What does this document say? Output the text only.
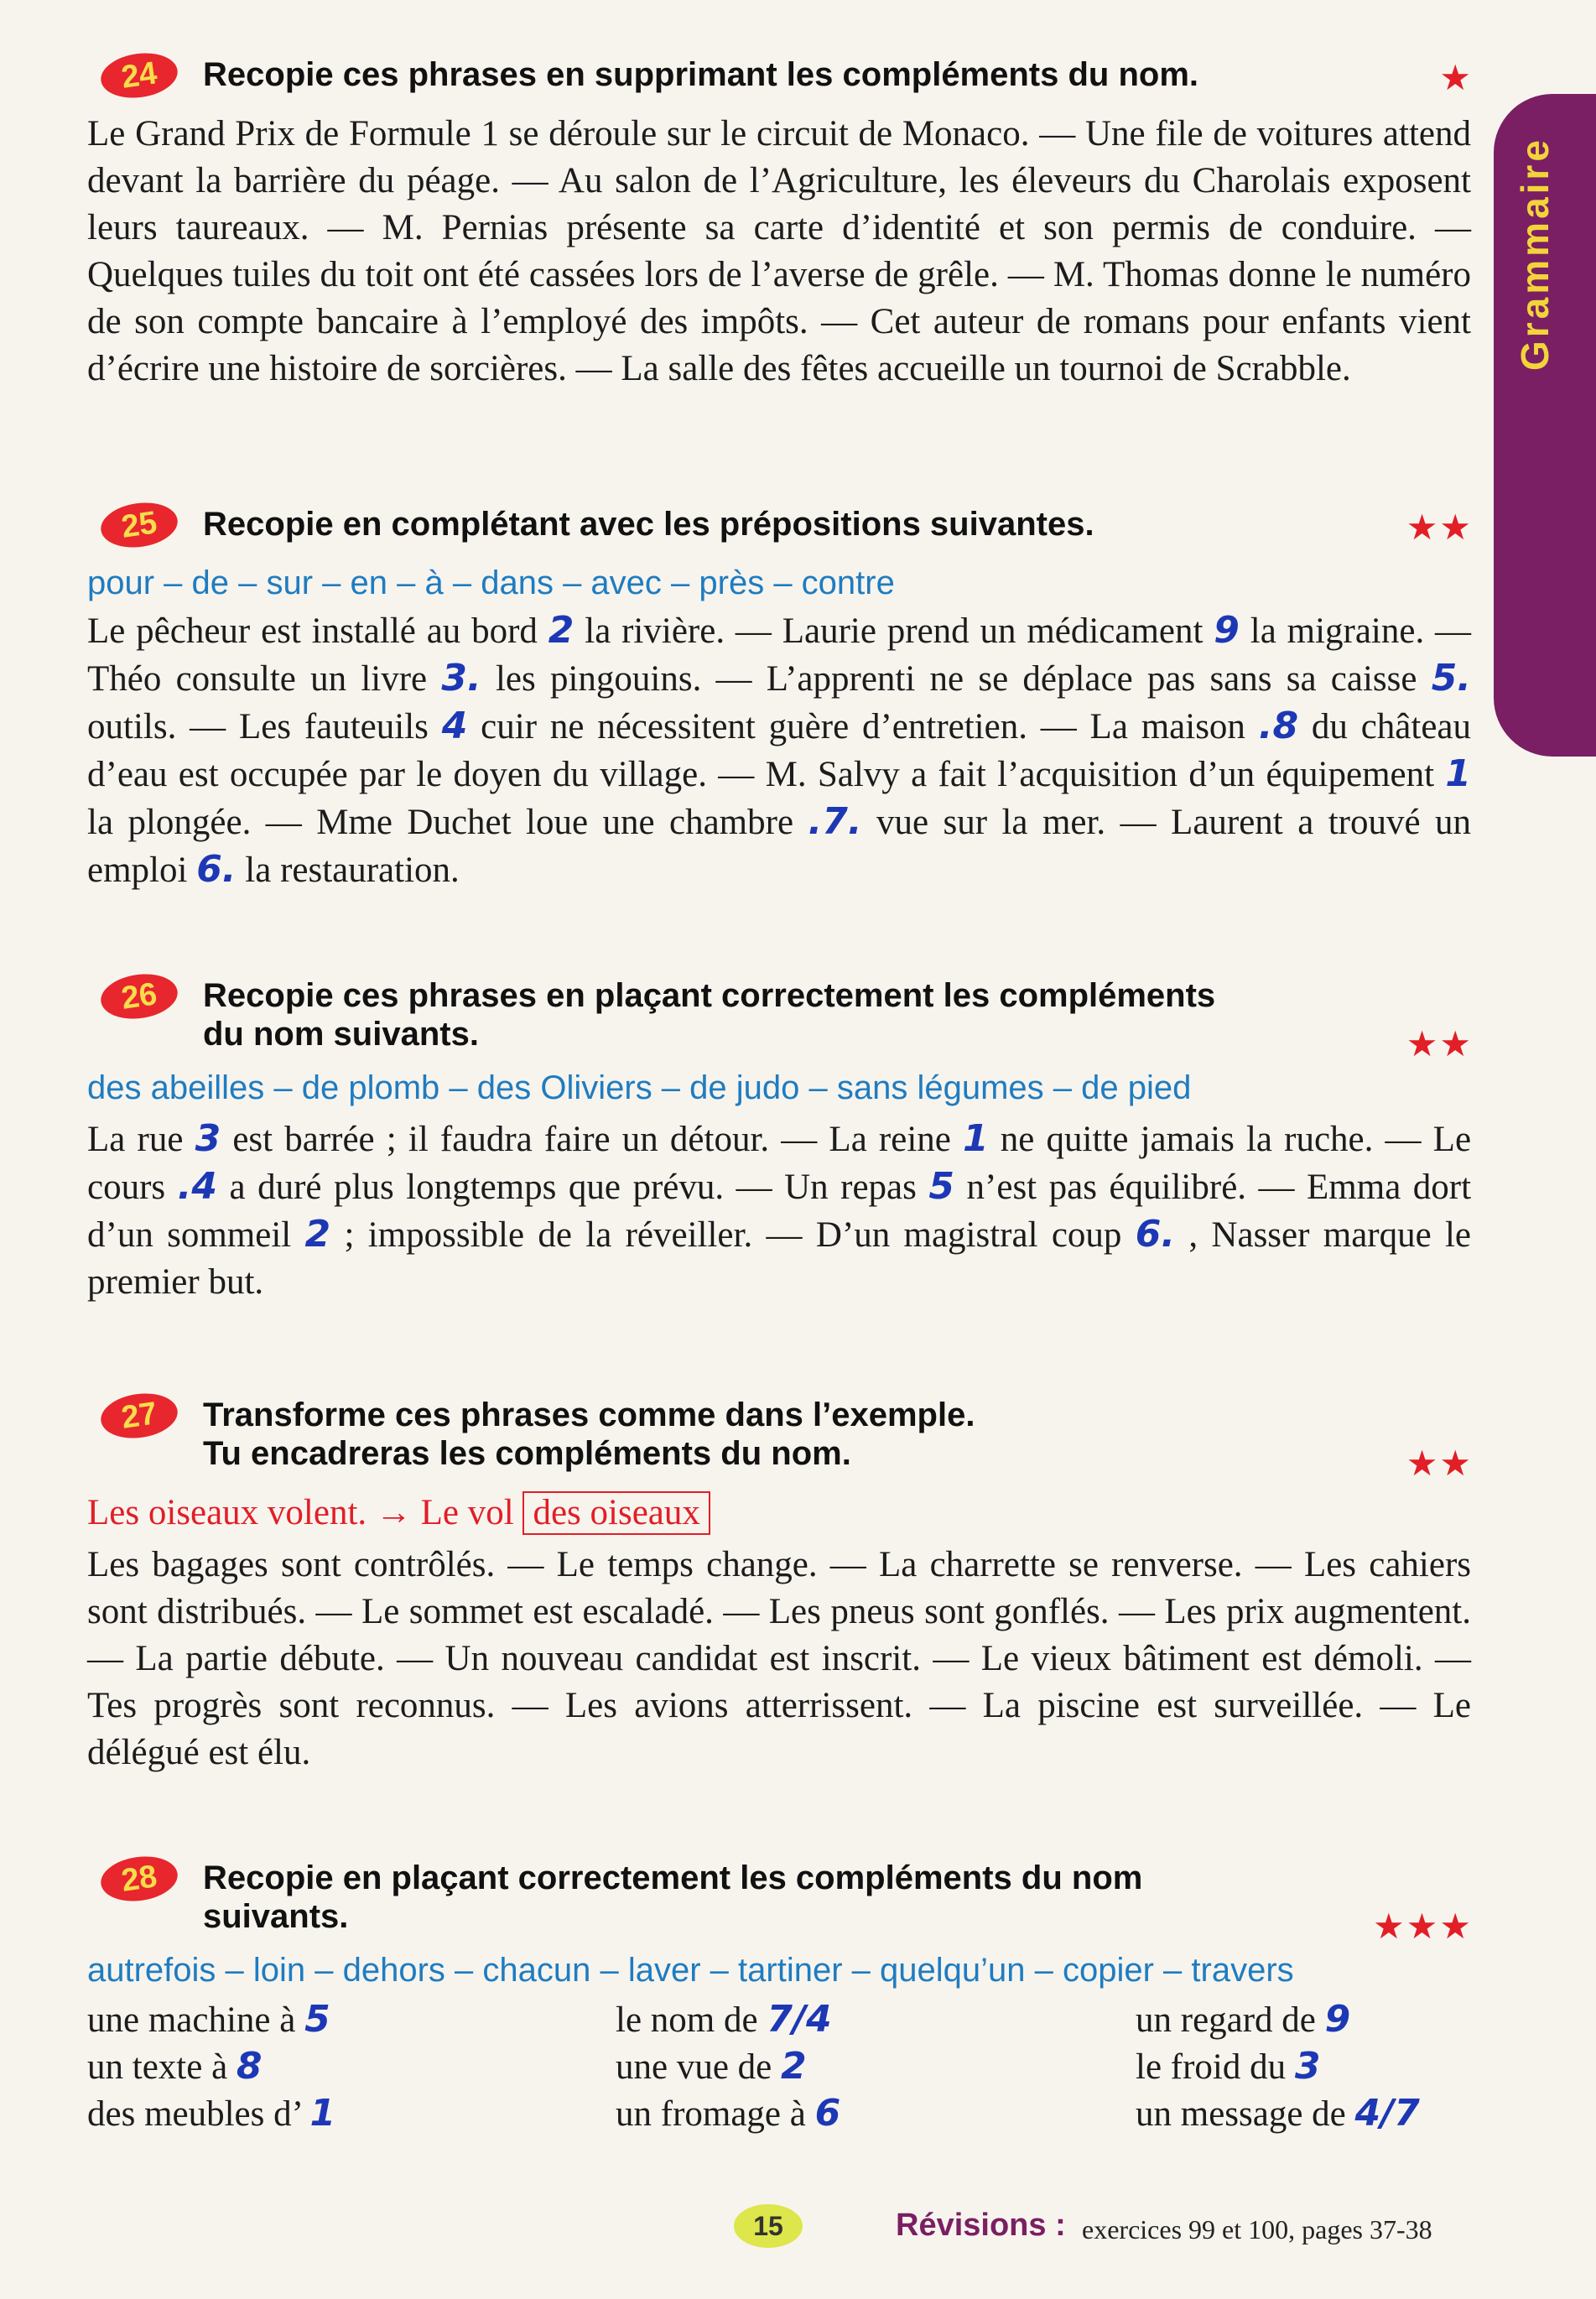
Grammaire
24	Recopie ces phrases en supprimant les compléments du nom.	★
Le Grand Prix de Formule 1 se déroule sur le circuit de Monaco. — Une file de voitures attend devant la barrière du péage. — Au salon de l’Agriculture, les éleveurs du Charolais exposent leurs taureaux. — M. Pernias présente sa carte d’identité et son permis de conduire. — Quelques tuiles du toit ont été cassées lors de l’averse de grêle. — M. Thomas donne le numéro de son compte bancaire à l’employé des impôts. — Cet auteur de romans pour enfants vient d’écrire une histoire de sorcières. — La salle des fêtes accueille un tournoi de Scrabble.
25	Recopie en complétant avec les prépositions suivantes.	★★
pour – de – sur – en – à – dans – avec – près – contre
Le pêcheur est installé au bord 2 la rivière. — Laurie prend un médicament 9 la migraine. — Théo consulte un livre 3. les pingouins. — L’apprenti ne se déplace pas sans sa caisse 5. outils. — Les fauteuils 4 cuir ne nécessitent guère d’entretien. — La maison .8 du château d’eau est occupée par le doyen du village. — M. Salvy a fait l’acquisition d’un équipement 1 la plongée. — Mme Duchet loue une chambre .7. vue sur la mer. — Laurent a trouvé un emploi 6. la restauration.
26	Recopie ces phrases en plaçant correctement les compléments
du nom suivants.	★★
des abeilles – de plomb – des Oliviers – de judo – sans légumes – de pied
La rue 3 est barrée ; il faudra faire un détour. — La reine 1 ne quitte jamais la ruche. — Le cours .4 a duré plus longtemps que prévu. — Un repas 5 n’est pas équilibré. — Emma dort d’un sommeil 2 ; impossible de la réveiller. — D’un magistral coup 6. , Nasser marque le premier but.
27	Transforme ces phrases comme dans l’exemple.
Tu encadreras les compléments du nom.	★★
Les oiseaux volent. → Le vol des oiseaux
Les bagages sont contrôlés. — Le temps change. — La charrette se renverse. — Les cahiers sont distribués. — Le sommet est escaladé. — Les pneus sont gonflés. — Les prix augmentent. — La partie débute. — Un nouveau candidat est inscrit. — Le vieux bâtiment est démoli. — Tes progrès sont reconnus. — Les avions atterrissent. — La piscine est surveillée. — Le délégué est élu.
28	Recopie en plaçant correctement les compléments du nom
suivants.	★★★
autrefois – loin – dehors – chacun – laver – tartiner – quelqu’un – copier – travers
une machine à 5	le nom de 7/4	un regard de 9
un texte à 8	une vue de 2	le froid du 3
des meubles d’ 1	un fromage à 6	un message de 4/7
15	Révisions : exercices 99 et 100, pages 37-38
